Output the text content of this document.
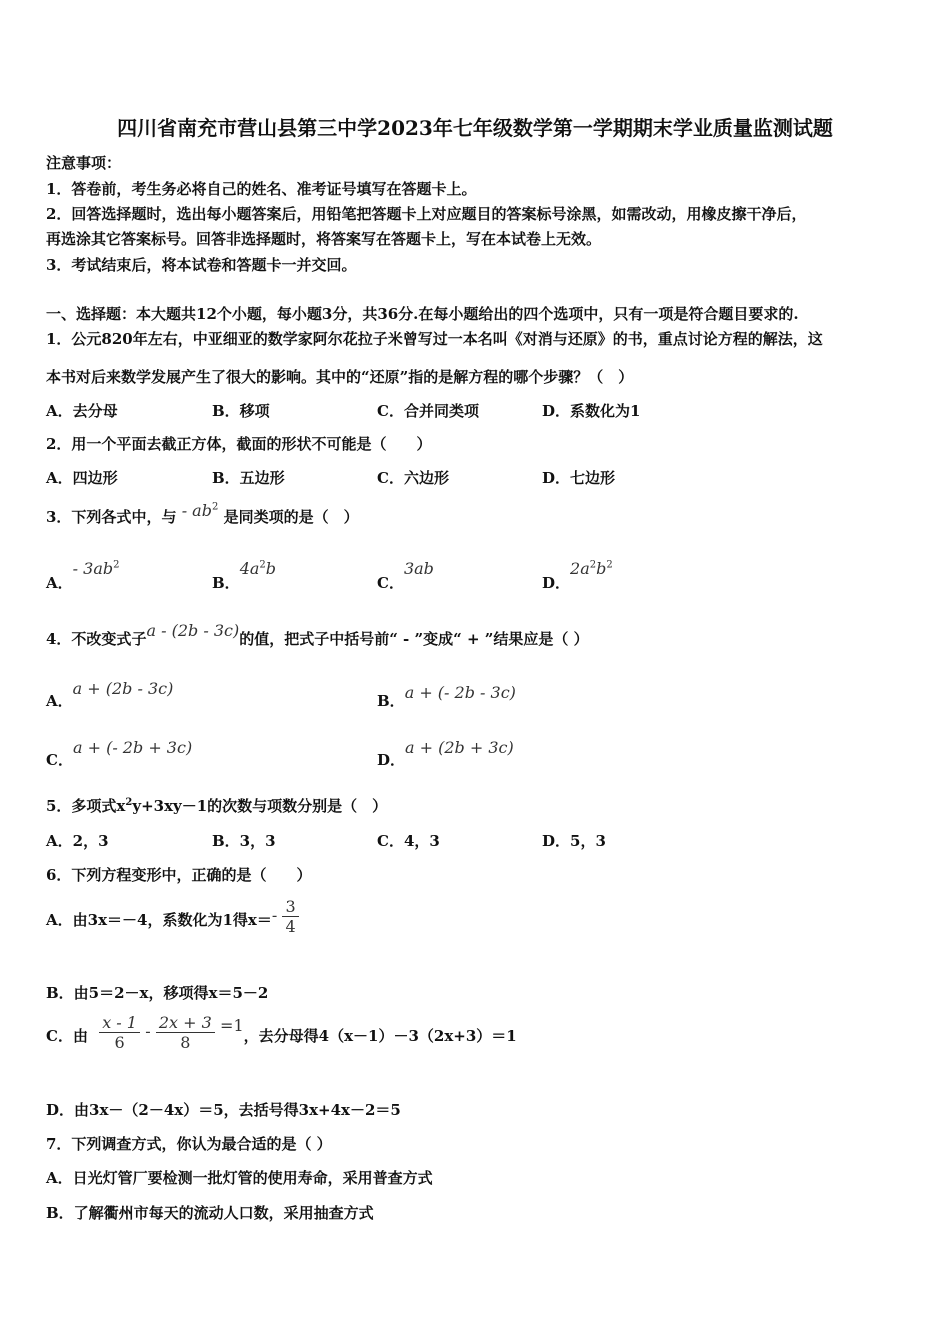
四川省南充市营山县第三中学2023年七年级数学第一学期期末学业质量监测试题
注意事项：
1．答卷前，考生务必将自己的姓名、准考证号填写在答题卡上。
2．回答选择题时，选出每小题答案后，用铅笔把答题卡上对应题目的答案标号涂黑，如需改动，用橡皮擦干净后，
再选涂其它答案标号。回答非选择题时，将答案写在答题卡上，写在本试卷上无效。
3．考试结束后，将本试卷和答题卡一并交回。
一、选择题：本大题共12个小题，每小题3分，共36分.在每小题给出的四个选项中，只有一项是符合题目要求的.
1．公元820年左右，中亚细亚的数学家阿尔花拉子米曾写过一本名叫《对消与还原》的书，重点讨论方程的解法，这
本书对后来数学发展产生了很大的影响。其中的“还原”指的是解方程的哪个步骤？（　）
A．去分母	B．移项	C．合并同类项	D．系数化为1
2．用一个平面去截正方体，截面的形状不可能是（　　）
A．四边形	B．五边形	C．六边形	D．七边形
3．下列各式中，与 - $ab^2$ 是同类项的是（　）
A．- $3ab^2$
B．$4a^2b$
C．3ab
D．$2a^2b^2$
4．不改变式子a - (2b - 3c)的值，把式子中括号前“ - ”变成“ + ”结果应是（ ）
A．a + (2b - 3c)
B．a + (- 2b - 3c)
C．a + (- 2b + 3c)
D．a + (2b + 3c)
5．多项式$x^2y+3xy-1$的次数与项数分别是（　）
A．2，3	B．3，3	C．4，3	D．5，3
6．下列方程变形中，正确的是（　　）
A．由3x＝－4，系数化为1得$x=- \frac{3}{4}$
B．由5＝2－x，移项得x＝5－2
C．由 $\frac{x - 1}{6} - \frac{2x + 3}{8} =1$，去分母得4（x－1）－3（2x+3）＝1
D．由3x－（2－4x）＝5，去括号得3x+4x－2＝5
7．下列调查方式，你认为最合适的是（ ）
A．日光灯管厂要检测一批灯管的使用寿命，采用普查方式
B．了解衢州市每天的流动人口数，采用抽查方式
